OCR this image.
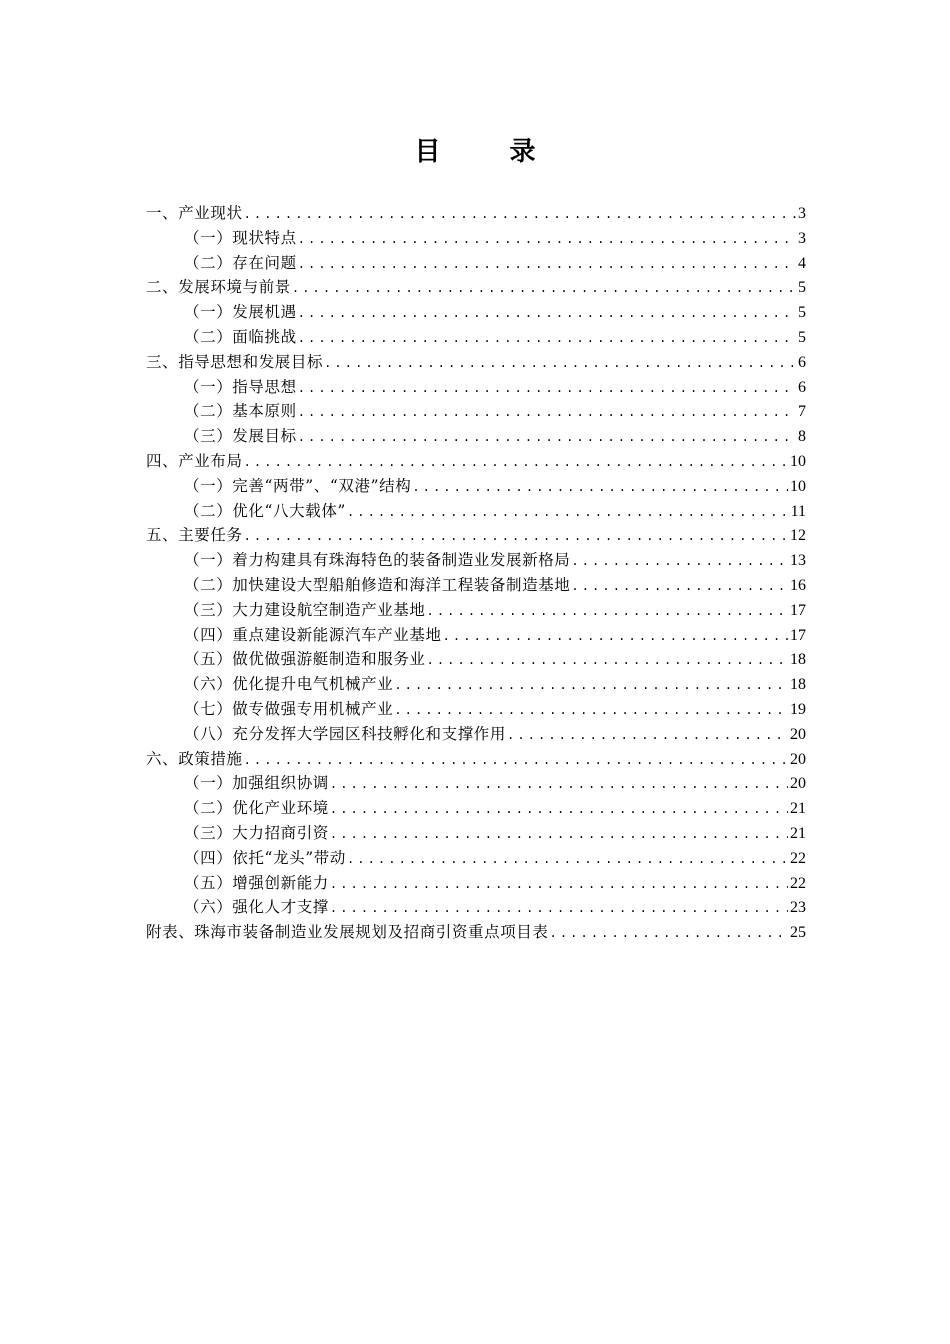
目 录
一、产业现状 .....	3
（一）现状特点 .....	3
（二）存在问题 .....	4
二、发展环境与前景 .....	5
（一）发展机遇 .....	5
（二）面临挑战 .....	5
三、指导思想和发展目标 .....	6
（一）指导思想 .....	6
（二）基本原则 .....	7
（三）发展目标 .....	8
四、产业布局 .....	10
（一）完善“两带”、“双港”结构 .....	10
（二）优化“八大载体” .....	11
五、主要任务 .....	12
（一）着力构建具有珠海特色的装备制造业发展新格局 .....	13
（二）加快建设大型船舶修造和海洋工程装备制造基地 .....	16
（三）大力建设航空制造产业基地 .....	17
（四）重点建设新能源汽车产业基地 .....	17
（五）做优做强游艇制造和服务业 .....	18
（六）优化提升电气机械产业 .....	18
（七）做专做强专用机械产业 .....	19
（八）充分发挥大学园区科技孵化和支撑作用 .....	20
六、政策措施 .....	20
（一）加强组织协调 .....	20
（二）优化产业环境 .....	21
（三）大力招商引资 .....	21
（四）依托“龙头”带动 .....	22
（五）增强创新能力 .....	22
（六）强化人才支撑 .....	23
附表、珠海市装备制造业发展规划及招商引资重点项目表 .....	25
